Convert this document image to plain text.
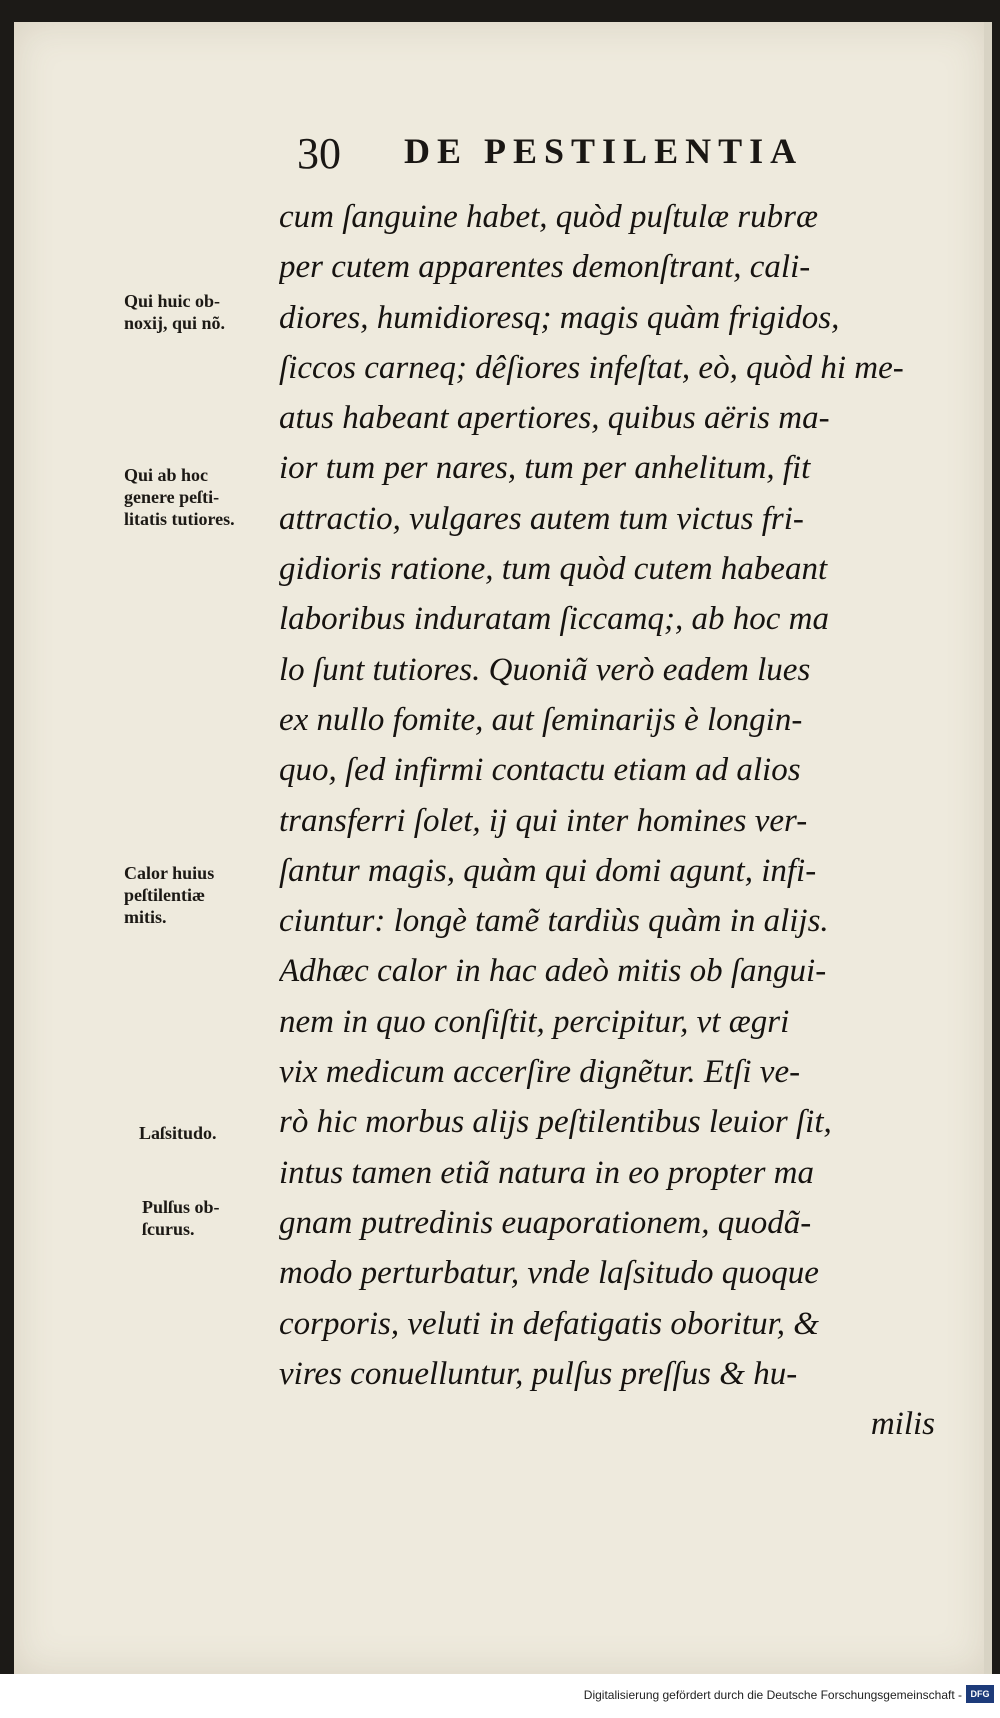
30 DE PESTILENTIA
cum ſanguine habet, quòd puſtulæ rubræ
per cutem apparentes demonſtrant, cali-
diores, humidioresq; magis quàm frigidos,
ſiccos carneq; dêſiores infeſtat, eò, quòd hi me-
atus habeant apertiores, quibus aëris ma-
ior tum per nares, tum per anhelitum, fit
attractio, vulgares autem tum victus fri-
gidioris ratione, tum quòd cutem habeant
laboribus induratam ſiccamq;, ab hoc ma
lo ſunt tutiores. Quoniã verò eadem lues
ex nullo fomite, aut ſeminarijs è longin-
quo, ſed infirmi contactu etiam ad alios
transferri ſolet, ij qui inter homines ver-
ſantur magis, quàm qui domi agunt, infi-
ciuntur: longè tamẽ tardiùs quàm in alijs.
Adhæc calor in hac adeò mitis ob ſangui-
nem in quo conſiſtit, percipitur, vt ægri
vix medicum accerſire dignẽtur. Etſi ve-
rò hic morbus alijs peſtilentibus leuior ſit,
intus tamen etiã natura in eo propter ma
gnam putredinis euaporationem, quodã-
modo perturbatur, vnde laſsitudo quoque
corporis, veluti in defatigatis oboritur, &
vires conuelluntur, pulſus preſſus & hu-
milis
Qui huic ob-
noxij, qui nõ.
Qui ab hoc
genere peſti-
litatis tutiores.
Calor huius
peſtilentiæ
mitis.
Laſsitudo.
Pulſus ob-
ſcurus.
Digitalisierung gefördert durch die Deutsche Forschungsgemeinschaft - DFG
